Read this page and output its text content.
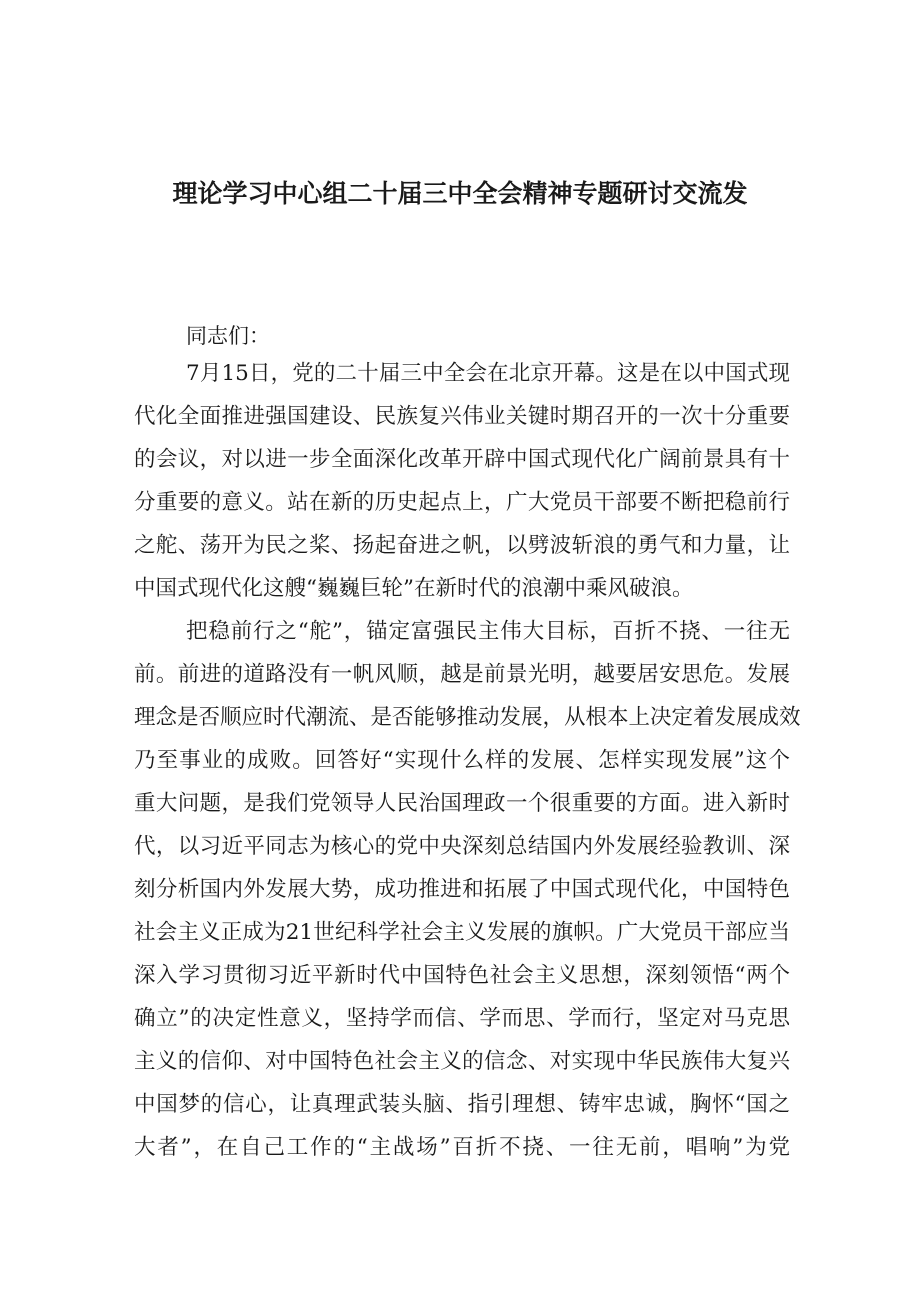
理论学习中心组二十届三中全会精神专题研讨交流发

同志们：

7月15日，党的二十届三中全会在北京开幕。这是在以中国式现

代化全面推进强国建设、民族复兴伟业关键时期召开的一次十分重要

的会议，对以进一步全面深化改革开辟中国式现代化广阔前景具有十

分重要的意义。站在新的历史起点上，广大党员干部要不断把稳前行

之舵、荡开为民之桨、扬起奋进之帆，以劈波斩浪的勇气和力量，让

中国式现代化这艘“巍巍巨轮”在新时代的浪潮中乘风破浪。

把稳前行之“舵”，锚定富强民主伟大目标，百折不挠、一往无

前。前进的道路没有一帆风顺，越是前景光明，越要居安思危。发展

理念是否顺应时代潮流、是否能够推动发展，从根本上决定着发展成效

乃至事业的成败。回答好“实现什么样的发展、怎样实现发展”这个

重大问题，是我们党领导人民治国理政一个很重要的方面。进入新时

代，以习近平同志为核心的党中央深刻总结国内外发展经验教训、深

刻分析国内外发展大势，成功推进和拓展了中国式现代化，中国特色

社会主义正成为21世纪科学社会主义发展的旗帜。广大党员干部应当

深入学习贯彻习近平新时代中国特色社会主义思想，深刻领悟“两个

确立”的决定性意义，坚持学而信、学而思、学而行，坚定对马克思

主义的信仰、对中国特色社会主义的信念、对实现中华民族伟大复兴

中国梦的信心，让真理武装头脑、指引理想、铸牢忠诚，胸怀“国之

大者”，在自己工作的“主战场”百折不挠、一往无前，唱响”为党
